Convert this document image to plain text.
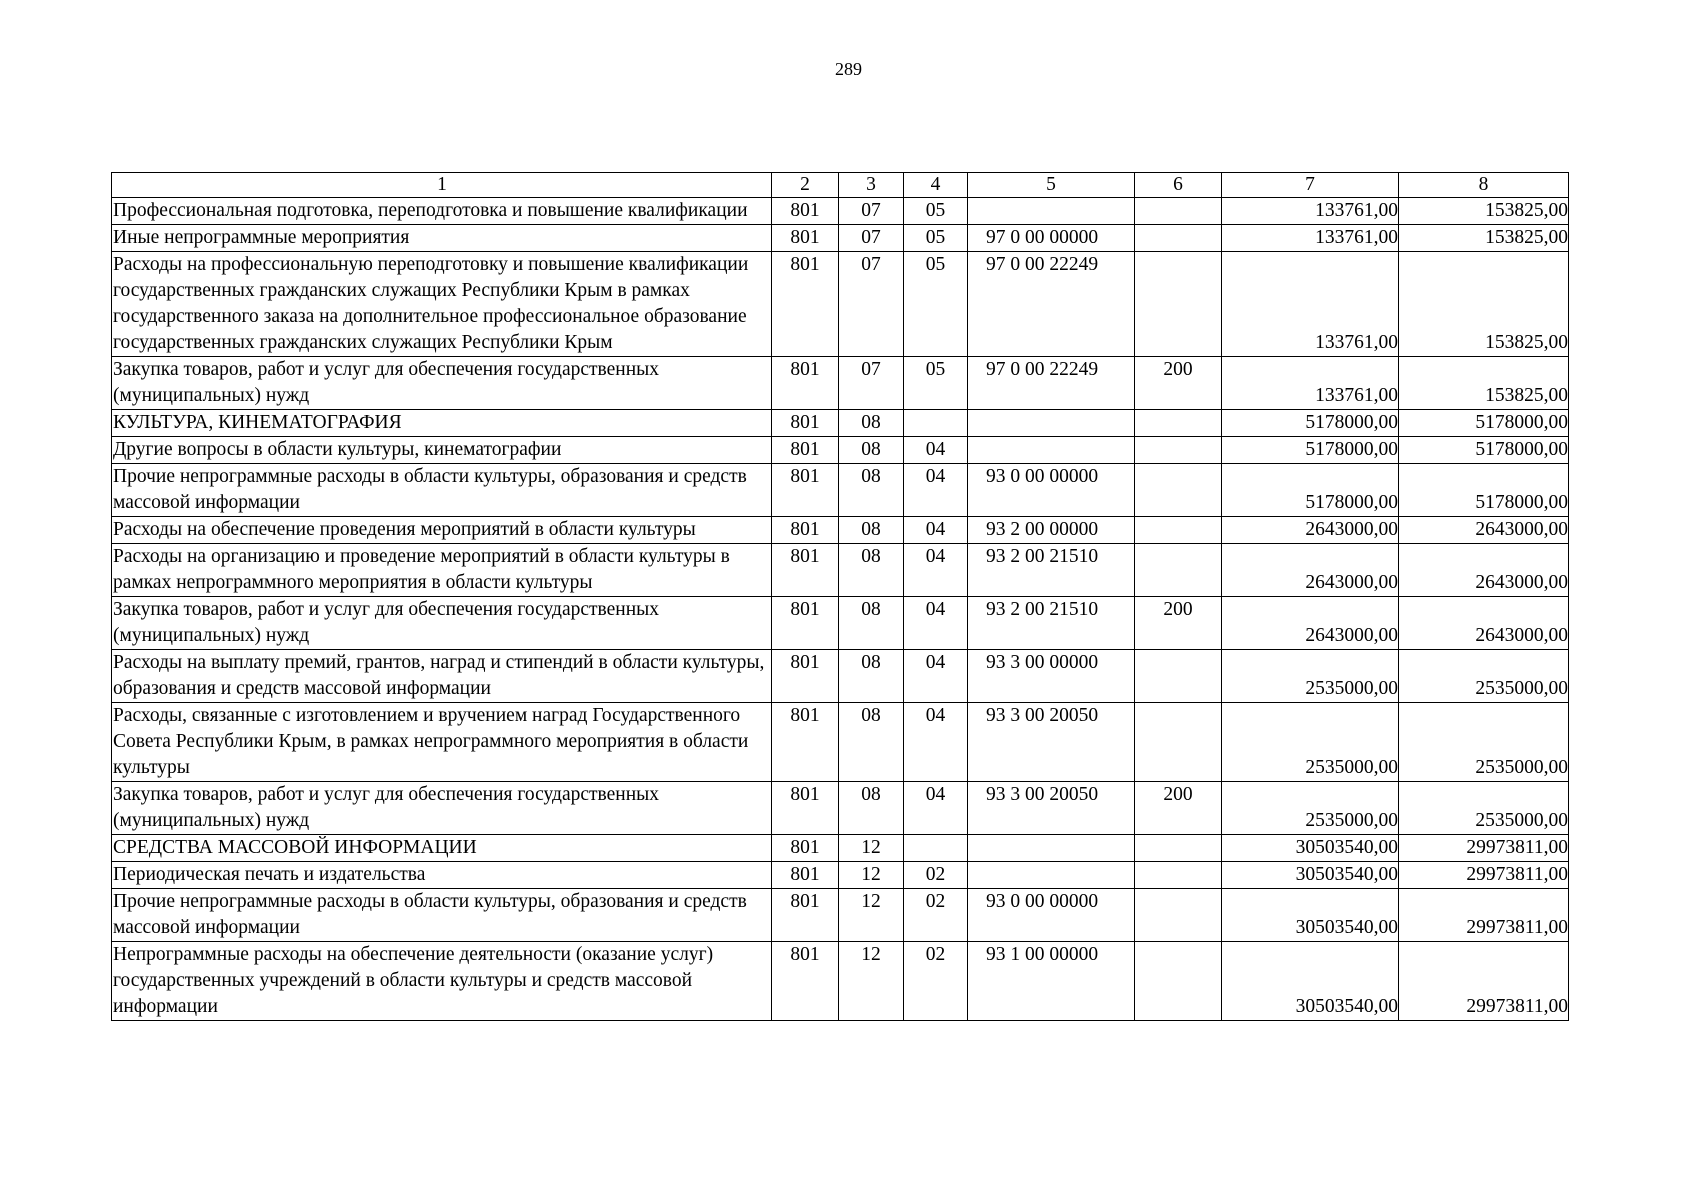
289
1	2	3	4	5	6	7	8
Профессиональная подготовка, переподготовка и повышение квалификации	801	07	05			133761,00	153825,00
Иные непрограммные мероприятия	801	07	05	97 0 00 00000		133761,00	153825,00
Расходы на профессиональную переподготовку и повышение квалификации государственных гражданских служащих Республики Крым в рамках государственного заказа на дополнительное профессиональное образование государственных гражданских служащих Республики Крым	801	07	05	97 0 00 22249		133761,00	153825,00
Закупка товаров, работ и услуг для обеспечения государственных (муниципальных) нужд	801	07	05	97 0 00 22249	200	133761,00	153825,00
КУЛЬТУРА, КИНЕМАТОГРАФИЯ	801	08				5178000,00	5178000,00
Другие вопросы в области культуры, кинематографии	801	08	04			5178000,00	5178000,00
Прочие непрограммные расходы в области культуры, образования и средств массовой информации	801	08	04	93 0 00 00000		5178000,00	5178000,00
Расходы на обеспечение проведения мероприятий в области культуры	801	08	04	93 2 00 00000		2643000,00	2643000,00
Расходы на организацию и проведение мероприятий в области культуры в рамках непрограммного мероприятия в области культуры	801	08	04	93 2 00 21510		2643000,00	2643000,00
Закупка товаров, работ и услуг для обеспечения государственных (муниципальных) нужд	801	08	04	93 2 00 21510	200	2643000,00	2643000,00
Расходы на выплату премий, грантов, наград и стипендий в области культуры, образования и средств массовой информации	801	08	04	93 3 00 00000		2535000,00	2535000,00
Расходы, связанные с изготовлением и вручением наград Государственного Совета Республики Крым, в рамках непрограммного мероприятия в области культуры	801	08	04	93 3 00 20050		2535000,00	2535000,00
Закупка товаров, работ и услуг для обеспечения государственных (муниципальных) нужд	801	08	04	93 3 00 20050	200	2535000,00	2535000,00
СРЕДСТВА МАССОВОЙ ИНФОРМАЦИИ	801	12				30503540,00	29973811,00
Периодическая печать и издательства	801	12	02			30503540,00	29973811,00
Прочие непрограммные расходы в области культуры, образования и средств массовой информации	801	12	02	93 0 00 00000		30503540,00	29973811,00
Непрограммные расходы на обеспечение деятельности (оказание услуг) государственных учреждений в области культуры и средств массовой информации	801	12	02	93 1 00 00000		30503540,00	29973811,00
